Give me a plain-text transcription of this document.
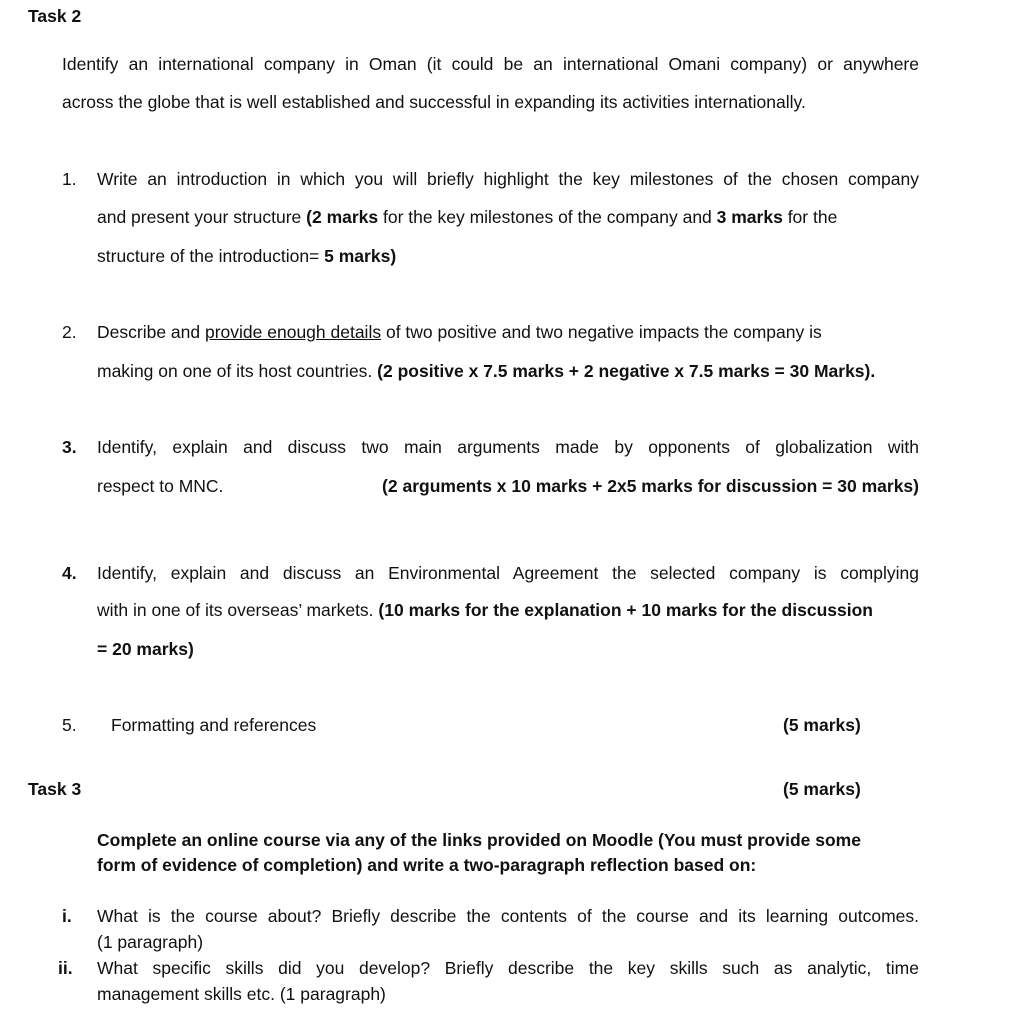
Task 2
Identify an international company in Oman (it could be an international Omani company) or anywhere
across the globe that is well established and successful in expanding its activities internationally.
1.	Write an introduction in which you will briefly highlight the key milestones of the chosen company
and present your structure (2 marks for the key milestones of the company and 3 marks for the
structure of the introduction= 5 marks)
2.	Describe and provide enough details of two positive and two negative impacts the company is
making on one of its host countries. (2 positive x 7.5 marks + 2 negative x 7.5 marks = 30 Marks).
3.	Identify, explain and discuss two main arguments made by opponents of globalization with
respect to MNC.	(2 arguments x 10 marks + 2x5 marks for discussion = 30 marks)
4.	Identify, explain and discuss an Environmental Agreement the selected company is complying
with in one of its overseas’ markets. (10 marks for the explanation + 10 marks for the discussion
= 20 marks)
5.	Formatting and references	(5 marks)
Task 3	(5 marks)
Complete an online course via any of the links provided on Moodle (You must provide some
form of evidence of completion) and write a two-paragraph reflection based on:
i. What is the course about? Briefly describe the contents of the course and its learning outcomes.
(1 paragraph)
ii. What specific skills did you develop? Briefly describe the key skills such as analytic, time
management skills etc. (1 paragraph)
